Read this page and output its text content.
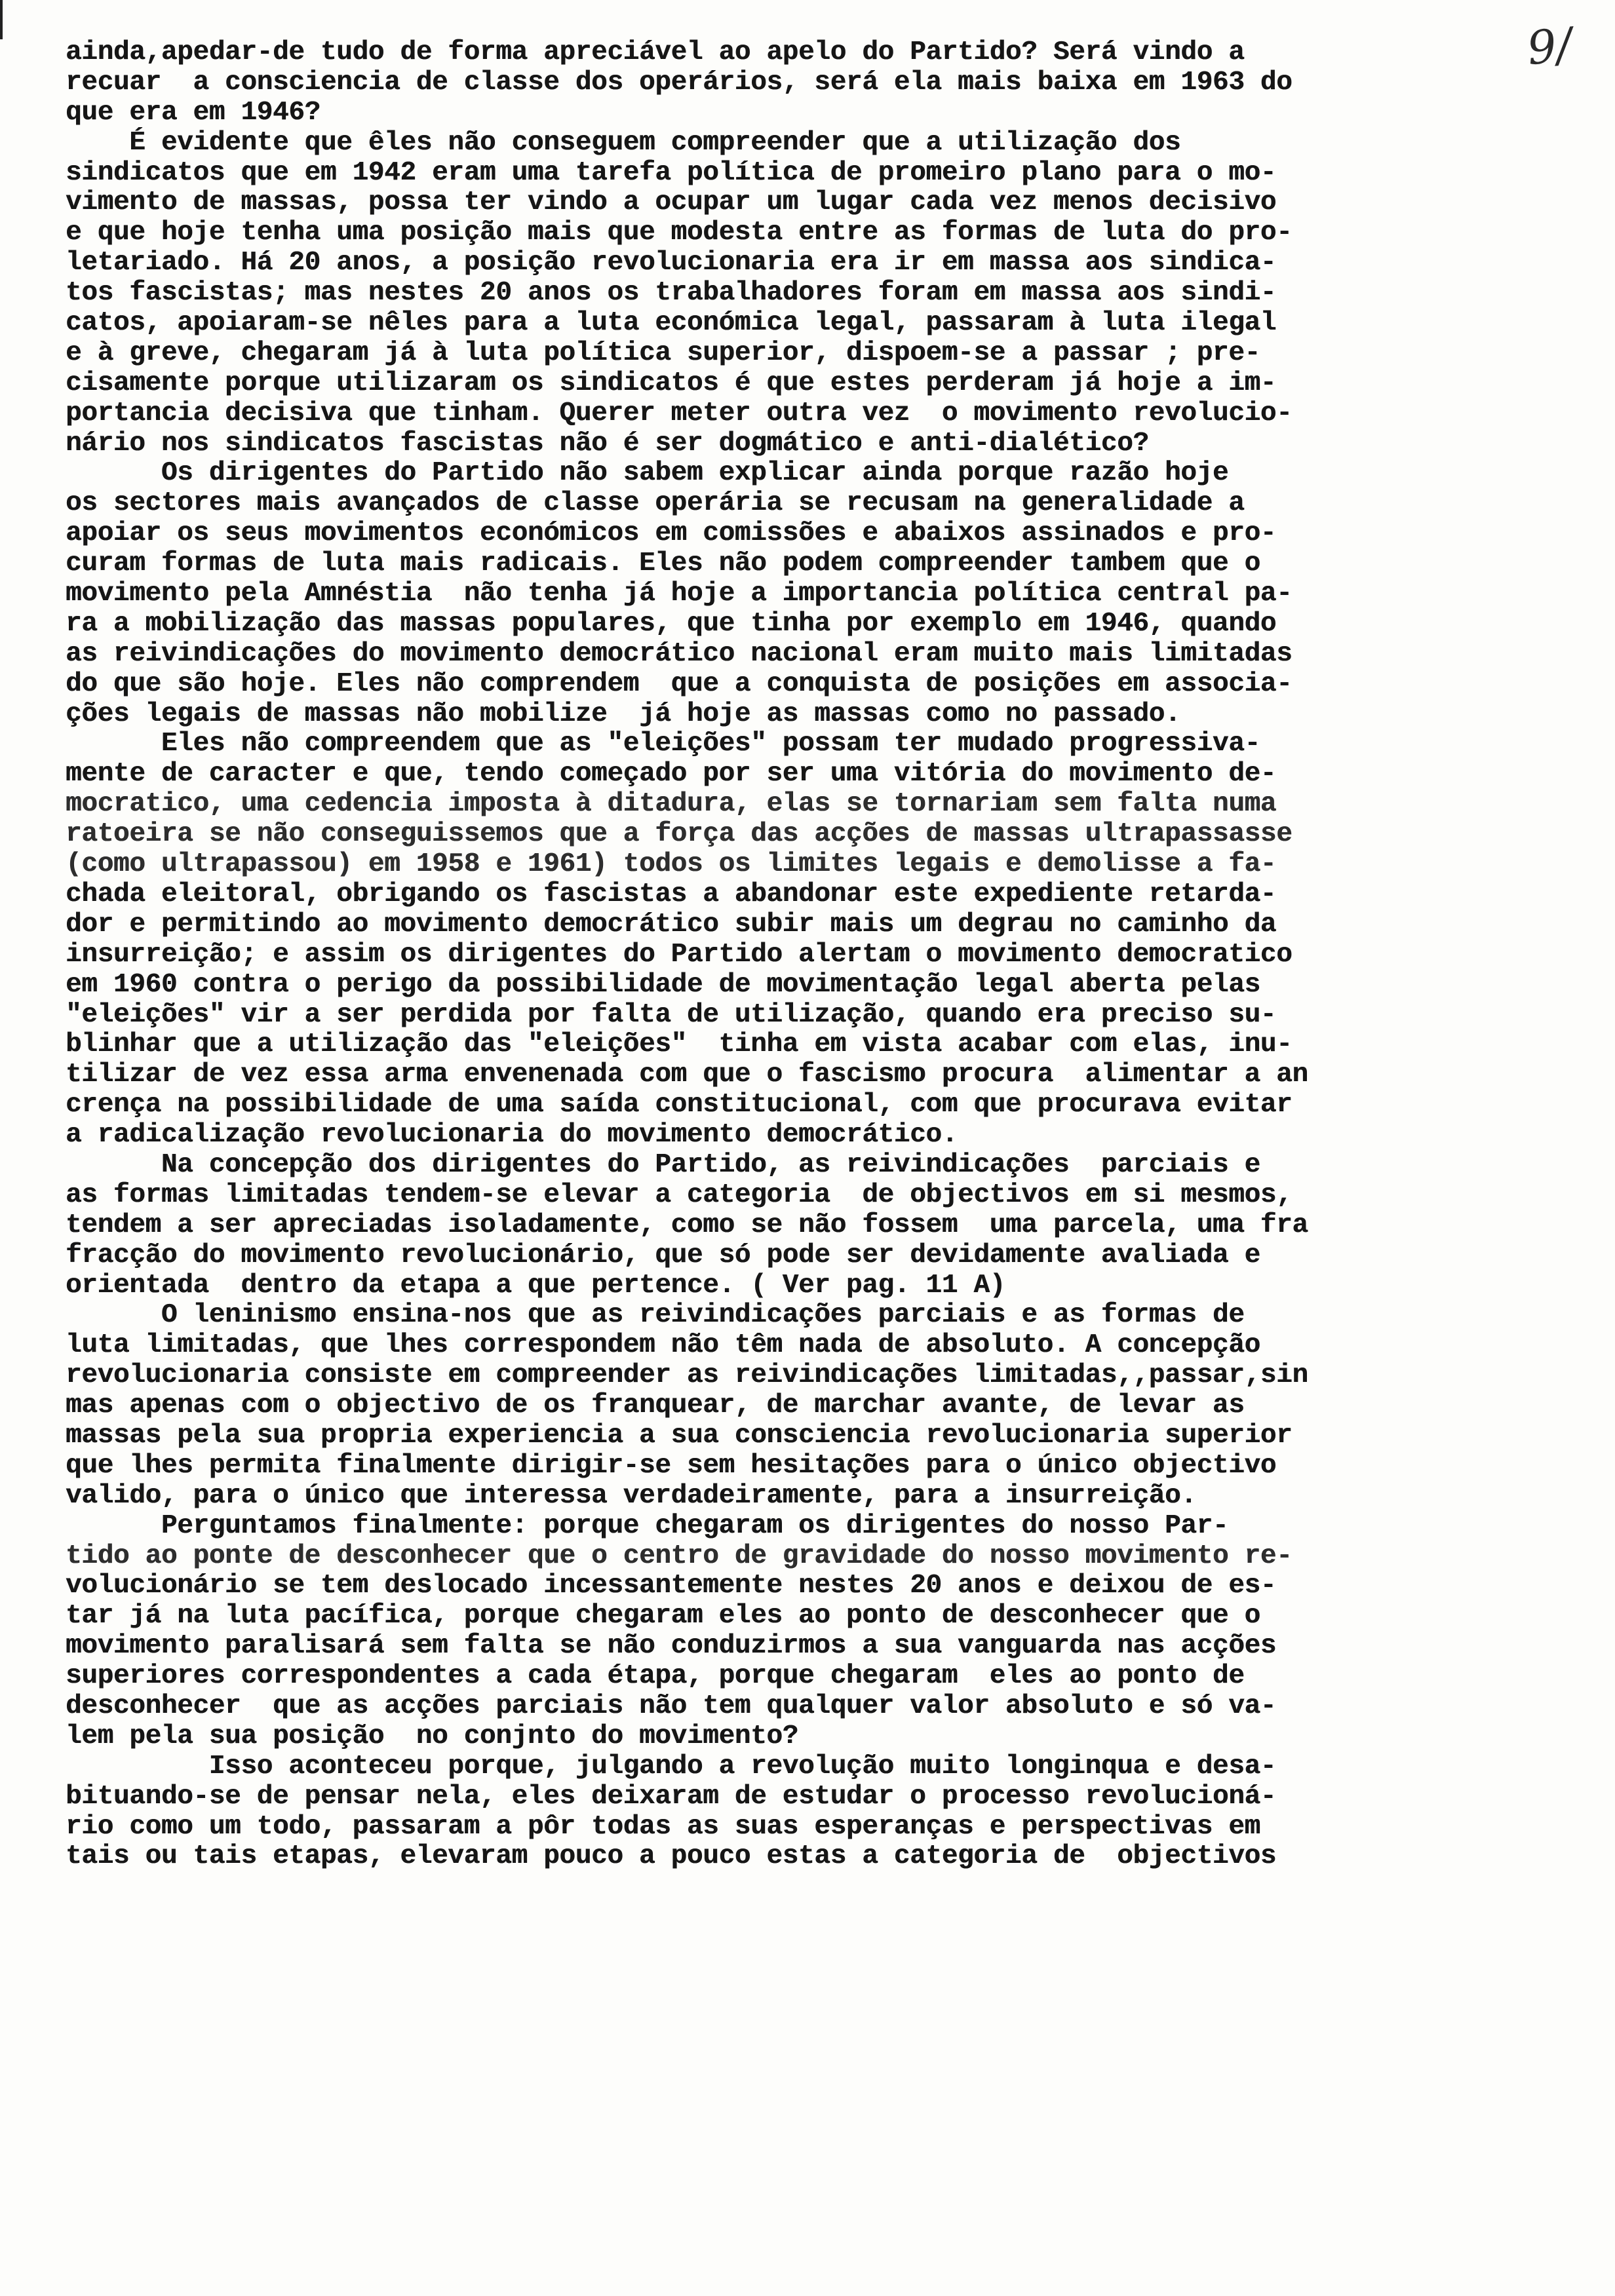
9/
ainda,apedar-de tudo de forma apreciável ao apelo do Partido? Será vindo a
recuar  a consciencia de classe dos operários, será ela mais baixa em 1963 do
que era em 1946?
É evidente que êles não conseguem compreender que a utilização dos
sindicatos que em 1942 eram uma tarefa política de promeiro plano para o mo-
vimento de massas, possa ter vindo a ocupar um lugar cada vez menos decisivo
e que hoje tenha uma posição mais que modesta entre as formas de luta do pro-
letariado. Há 20 anos, a posição revolucionaria era ir em massa aos sindica-
tos fascistas; mas nestes 20 anos os trabalhadores foram em massa aos sindi-
catos, apoiaram-se nêles para a luta económica legal, passaram à luta ilegal
e à greve, chegaram já à luta política superior, dispoem-se a passar ; pre-
cisamente porque utilizaram os sindicatos é que estes perderam já hoje a im-
portancia decisiva que tinham. Querer meter outra vez  o movimento revolucio-
nário nos sindicatos fascistas não é ser dogmático e anti-dialético?
Os dirigentes do Partido não sabem explicar ainda porque razão hoje
os sectores mais avançados de classe operária se recusam na generalidade a
apoiar os seus movimentos económicos em comissões e abaixos assinados e pro-
curam formas de luta mais radicais. Eles não podem compreender tambem que o
movimento pela Amnéstia  não tenha já hoje a importancia política central pa-
ra a mobilização das massas populares, que tinha por exemplo em 1946, quando
as reivindicações do movimento democrático nacional eram muito mais limitadas
do que são hoje. Eles não comprendem  que a conquista de posições em associa-
ções legais de massas não mobilize  já hoje as massas como no passado.
Eles não compreendem que as "eleições" possam ter mudado progressiva-
mente de caracter e que, tendo começado por ser uma vitória do movimento de-
mocratico, uma cedencia imposta à ditadura, elas se tornariam sem falta numa
ratoeira se não conseguissemos que a força das acções de massas ultrapassasse
(como ultrapassou) em 1958 e 1961) todos os limites legais e demolisse a fa-
chada eleitoral, obrigando os fascistas a abandonar este expediente retarda-
dor e permitindo ao movimento democrático subir mais um degrau no caminho da
insurreição; e assim os dirigentes do Partido alertam o movimento democratico
em 1960 contra o perigo da possibilidade de movimentação legal aberta pelas
"eleições" vir a ser perdida por falta de utilização, quando era preciso su-
blinhar que a utilização das "eleições"  tinha em vista acabar com elas, inu-
tilizar de vez essa arma envenenada com que o fascismo procura  alimentar a an
crença na possibilidade de uma saída constitucional, com que procurava evitar
a radicalização revolucionaria do movimento democrático.
Na concepção dos dirigentes do Partido, as reivindicações  parciais e
as formas limitadas tendem-se elevar a categoria  de objectivos em si mesmos,
tendem a ser apreciadas isoladamente, como se não fossem  uma parcela, uma fra
fracção do movimento revolucionário, que só pode ser devidamente avaliada e
orientada  dentro da etapa a que pertence. ( Ver pag. 11 A)
O leninismo ensina-nos que as reivindicações parciais e as formas de
luta limitadas, que lhes correspondem não têm nada de absoluto. A concepção
revolucionaria consiste em compreender as reivindicações limitadas,,passar,sin
mas apenas com o objectivo de os franquear, de marchar avante, de levar as
massas pela sua propria experiencia a sua consciencia revolucionaria superior
que lhes permita finalmente dirigir-se sem hesitações para o único objectivo
valido, para o único que interessa verdadeiramente, para a insurreição.
Perguntamos finalmente: porque chegaram os dirigentes do nosso Par-
tido ao ponte de desconhecer que o centro de gravidade do nosso movimento re-
volucionário se tem deslocado incessantemente nestes 20 anos e deixou de es-
tar já na luta pacífica, porque chegaram eles ao ponto de desconhecer que o
movimento paralisará sem falta se não conduzirmos a sua vanguarda nas acções
superiores correspondentes a cada étapa, porque chegaram  eles ao ponto de
desconhecer  que as acções parciais não tem qualquer valor absoluto e só va-
lem pela sua posição  no conjnto do movimento?
Isso aconteceu porque, julgando a revolução muito longinqua e desa-
bituando-se de pensar nela, eles deixaram de estudar o processo revolucioná-
rio como um todo, passaram a pôr todas as suas esperanças e perspectivas em
tais ou tais etapas, elevaram pouco a pouco estas a categoria de  objectivos
